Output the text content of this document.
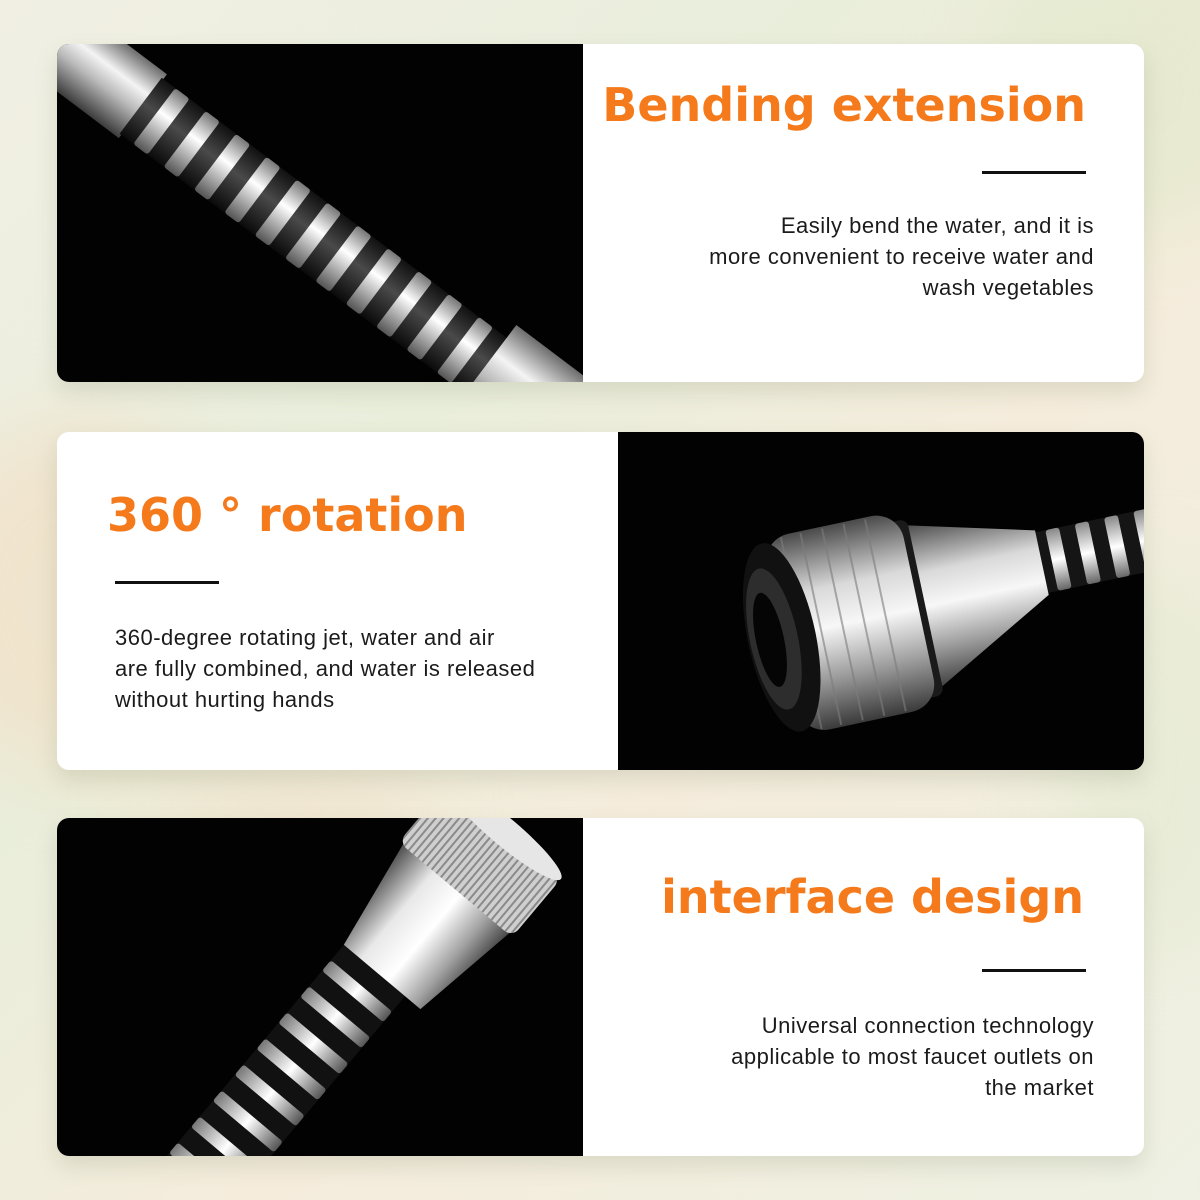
Bending extension
Easily bend the water, and it is
more convenient to receive water and
wash vegetables
360 ° rotation
360-degree rotating jet, water and air
are fully combined, and water is released
without hurting hands
interface design
Universal connection technology
applicable to most faucet outlets on
the market
